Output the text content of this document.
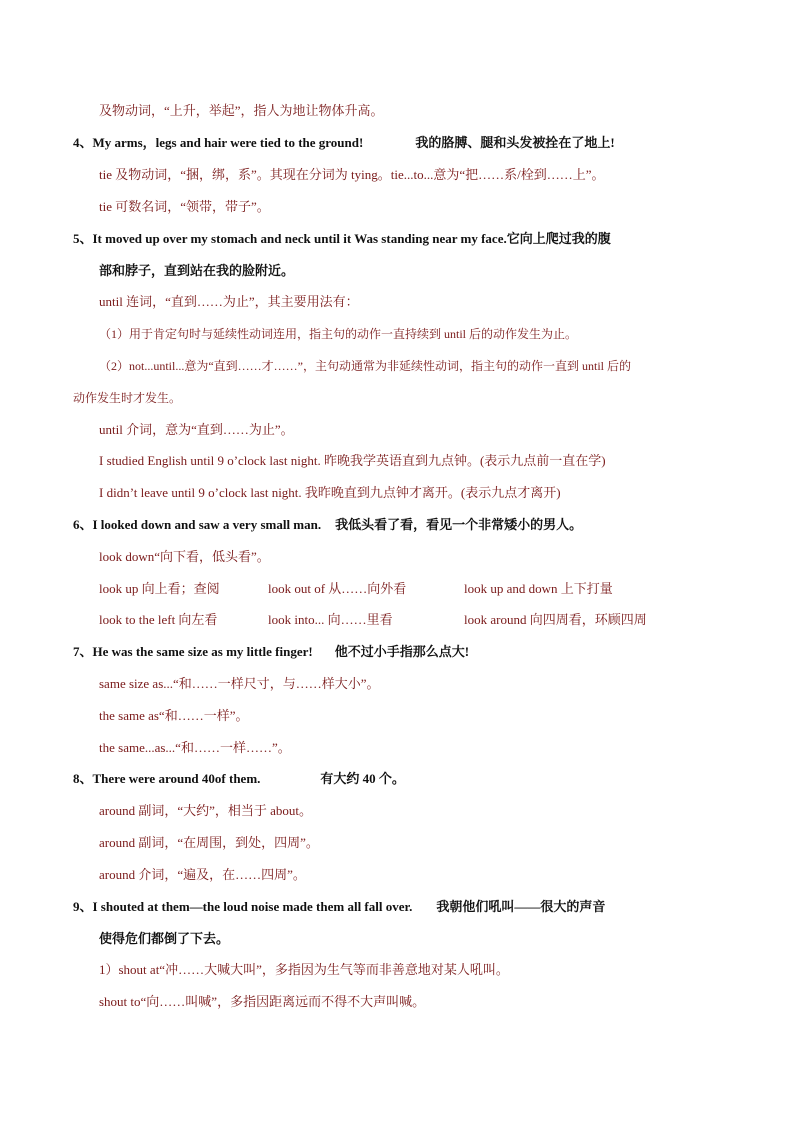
及物动词，“上升，举起”，指人为地让物体升高。
4、My arms，legs and hair were tied to the ground!	我的胳膊、腿和头发被拴在了地上!
tie 及物动词，“捆，绑，系”。其现在分词为 tying。tie...to...意为“把……系/栓到……上”。
tie 可数名词，“领带，带子”。
5、It moved up over my stomach and neck until it Was standing near my face.它向上爬过我的腹
部和脖子，直到站在我的脸附近。
until 连词，“直到……为止”，其主要用法有：
（1）用于肯定句时与延续性动词连用，指主句的动作一直持续到 until 后的动作发生为止。
（2）not...until...意为“直到……才……”，主句动通常为非延续性动词，指主句的动作一直到 until 后的
动作发生时才发生。
until 介词，意为“直到……为止”。
I studied English until 9 o’clock last night. 昨晚我学英语直到九点钟。(表示九点前一直在学)
I didn’t leave until 9 o’clock last night. 我昨晚直到九点钟才离开。(表示九点才离开)
6、I looked down and saw a very small man. 我低头看了看，看见一个非常矮小的男人。
look down“向下看，低头看”。
look up 向上看；查阅	look out of 从……向外看	look up and down 上下打量
look to the left 向左看	look into... 向……里看	look around 向四周看，环顾四周
7、He was the same size as my little finger! 他不过小手指那么点大!
same size as...“和……一样尺寸，与……样大小”。
the same as“和……一样”。
the same...as...“和……一样……”。
8、There were around 40of them.	有大约 40 个。
around 副词，“大约”，相当于 about。
around 副词，“在周围，到处，四周”。
around 介词，“遍及，在……四周”。
9、I shouted at them—the loud noise made them all fall over. 我朝他们吼叫——很大的声音
使得危们都倒了下去。
1）shout at“冲……大喊大叫”，多指因为生气等而非善意地对某人吼叫。
shout to“向……叫喊”，多指因距离远而不得不大声叫喊。
